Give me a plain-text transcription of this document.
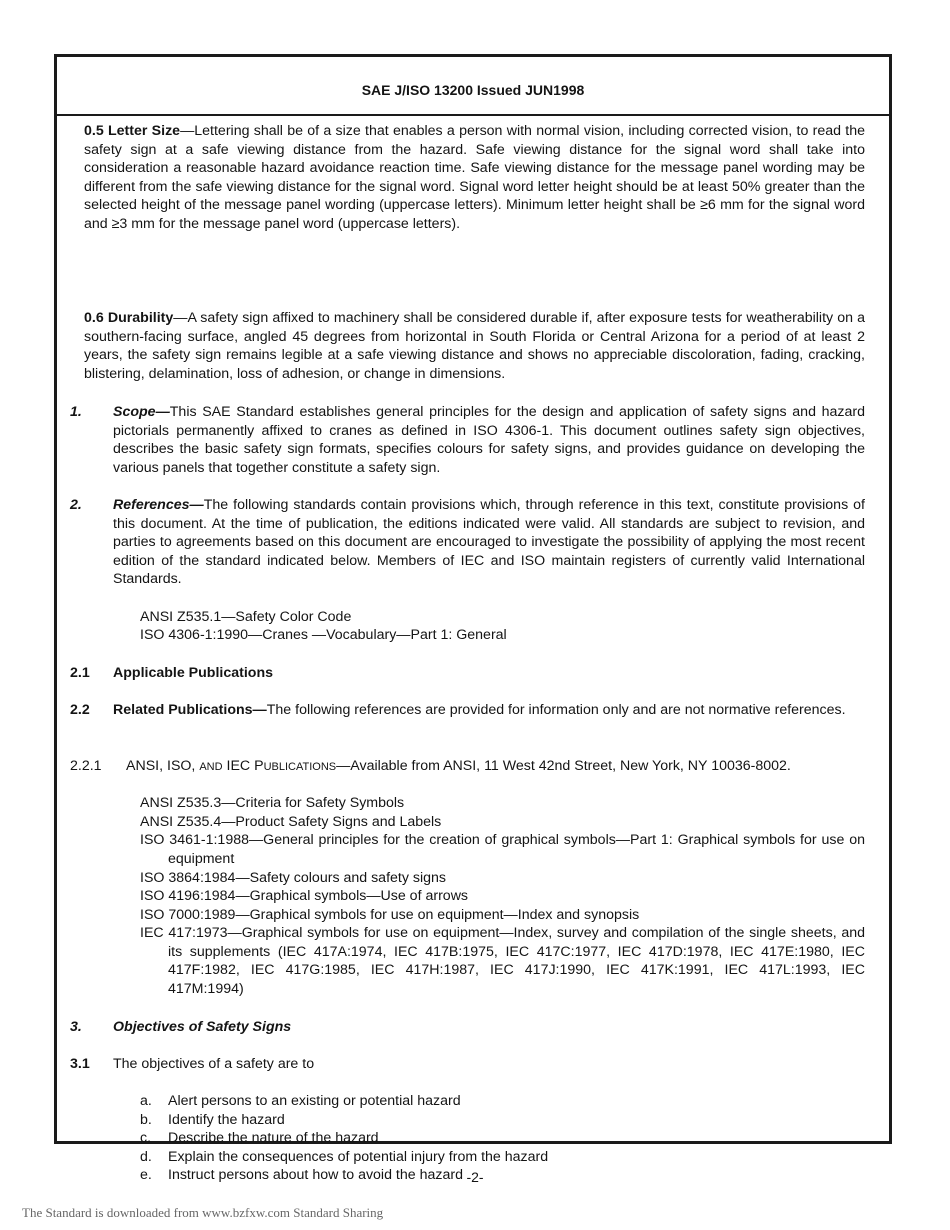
SAE J/ISO 13200 Issued JUN1998
0.5 Letter Size—Lettering shall be of a size that enables a person with normal vision, including corrected vision, to read the safety sign at a safe viewing distance from the hazard. Safe viewing distance for the signal word shall take into consideration a reasonable hazard avoidance reaction time. Safe viewing distance for the message panel wording may be different from the safe viewing distance for the signal word. Signal word letter height should be at least 50% greater than the selected height of the message panel wording (uppercase letters). Minimum letter height shall be ≥6 mm for the signal word and ≥3 mm for the message panel word (uppercase letters).
0.6 Durability—A safety sign affixed to machinery shall be considered durable if, after exposure tests for weatherability on a southern-facing surface, angled 45 degrees from horizontal in South Florida or Central Arizona for a period of at least 2 years, the safety sign remains legible at a safe viewing distance and shows no appreciable discoloration, fading, cracking, blistering, delamination, loss of adhesion, or change in dimensions.
1. Scope—This SAE Standard establishes general principles for the design and application of safety signs and hazard pictorials permanently affixed to cranes as defined in ISO 4306-1. This document outlines safety sign objectives, describes the basic safety sign formats, specifies colours for safety signs, and provides guidance on developing the various panels that together constitute a safety sign.
2. References—The following standards contain provisions which, through reference in this text, constitute provisions of this document. At the time of publication, the editions indicated were valid. All standards are subject to revision, and parties to agreements based on this document are encouraged to investigate the possibility of applying the most recent edition of the standard indicated below. Members of IEC and ISO maintain registers of currently valid International Standards.
ANSI Z535.1—Safety Color Code
ISO 4306-1:1990—Cranes —Vocabulary—Part 1: General
2.1 Applicable Publications
2.2 Related Publications—The following references are provided for information only and are not normative references.
2.2.1 ANSI, ISO, AND IEC PUBLICATIONS—Available from ANSI, 11 West 42nd Street, New York, NY 10036-8002.
ANSI Z535.3—Criteria for Safety Symbols
ANSI Z535.4—Product Safety Signs and Labels
ISO 3461-1:1988—General principles for the creation of graphical symbols—Part 1: Graphical symbols for use on equipment
ISO 3864:1984—Safety colours and safety signs
ISO 4196:1984—Graphical symbols—Use of arrows
ISO 7000:1989—Graphical symbols for use on equipment—Index and synopsis
IEC 417:1973—Graphical symbols for use on equipment—Index, survey and compilation of the single sheets, and its supplements (IEC 417A:1974, IEC 417B:1975, IEC 417C:1977, IEC 417D:1978, IEC 417E:1980, IEC 417F:1982, IEC 417G:1985, IEC 417H:1987, IEC 417J:1990, IEC 417K:1991, IEC 417L:1993, IEC 417M:1994)
3. Objectives of Safety Signs
3.1 The objectives of a safety are to
a. Alert persons to an existing or potential hazard
b. Identify the hazard
c. Describe the nature of the hazard
d. Explain the consequences of potential injury from the hazard
e. Instruct persons about how to avoid the hazard -2-
The Standard is downloaded from www.bzfxw.com Standard Sharing
